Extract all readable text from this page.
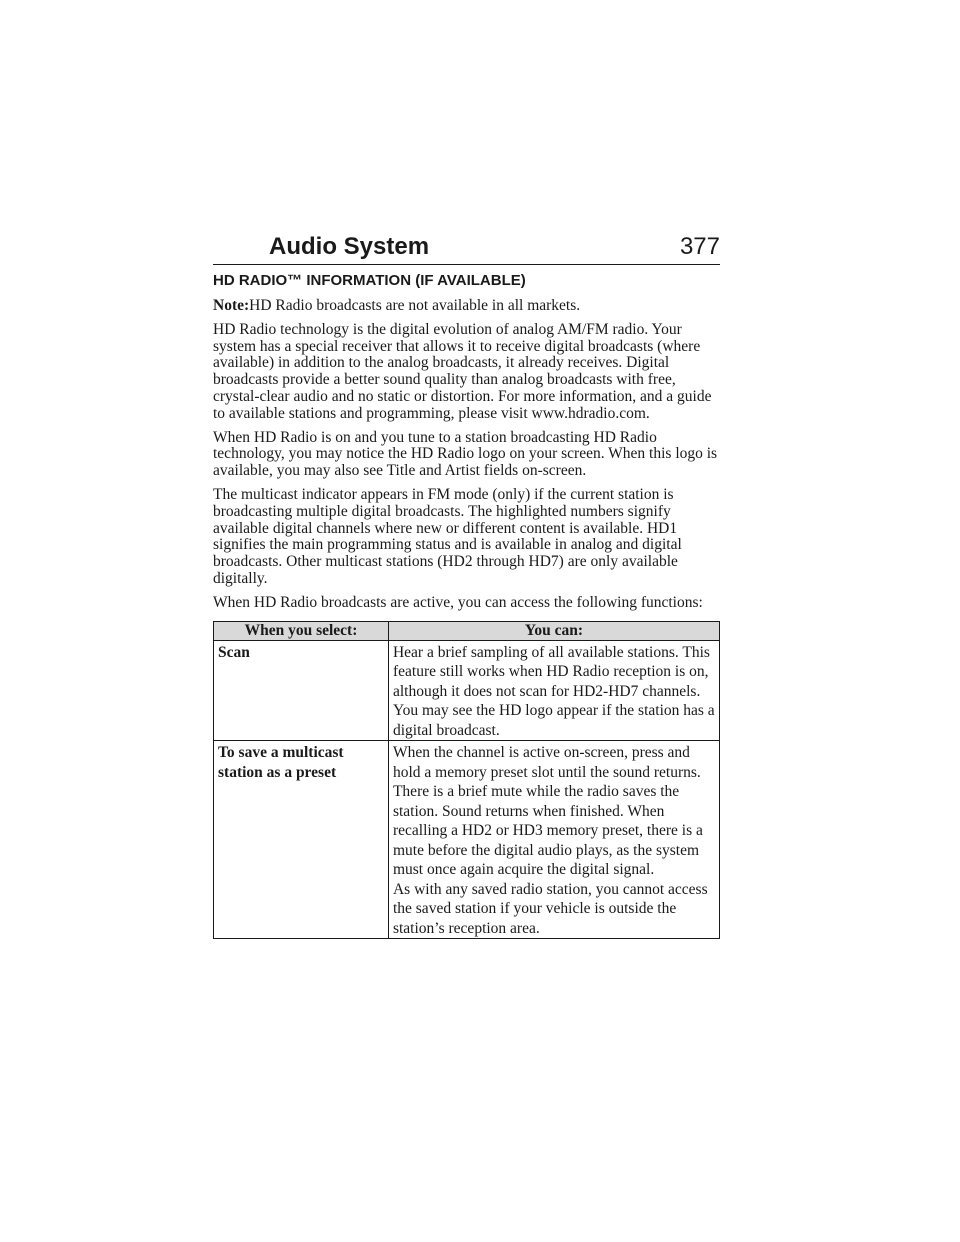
Audio System	377
HD RADIO™ INFORMATION (IF AVAILABLE)

Note:HD Radio broadcasts are not available in all markets.

HD Radio technology is the digital evolution of analog AM/FM radio. Your system has a special receiver that allows it to receive digital broadcasts (where available) in addition to the analog broadcasts, it already receives. Digital broadcasts provide a better sound quality than analog broadcasts with free, crystal-clear audio and no static or distortion. For more information, and a guide to available stations and programming, please visit www.hdradio.com.

When HD Radio is on and you tune to a station broadcasting HD Radio technology, you may notice the HD Radio logo on your screen. When this logo is available, you may also see Title and Artist fields on-screen.

The multicast indicator appears in FM mode (only) if the current station is broadcasting multiple digital broadcasts. The highlighted numbers signify available digital channels where new or different content is available. HD1 signifies the main programming status and is available in analog and digital broadcasts. Other multicast stations (HD2 through HD7) are only available digitally.

When HD Radio broadcasts are active, you can access the following functions:

When you select:	You can:
Scan	Hear a brief sampling of all available stations. This feature still works when HD Radio reception is on, although it does not scan for HD2-HD7 channels. You may see the HD logo appear if the station has a digital broadcast.

To save a multicast station as a preset	When the channel is active on-screen, press and hold a memory preset slot until the sound returns. There is a brief mute while the radio saves the station. Sound returns when finished. When recalling a HD2 or HD3 memory preset, there is a mute before the digital audio plays, as the system must once again acquire the digital signal.
As with any saved radio station, you cannot access the saved station if your vehicle is outside the station’s reception area.
